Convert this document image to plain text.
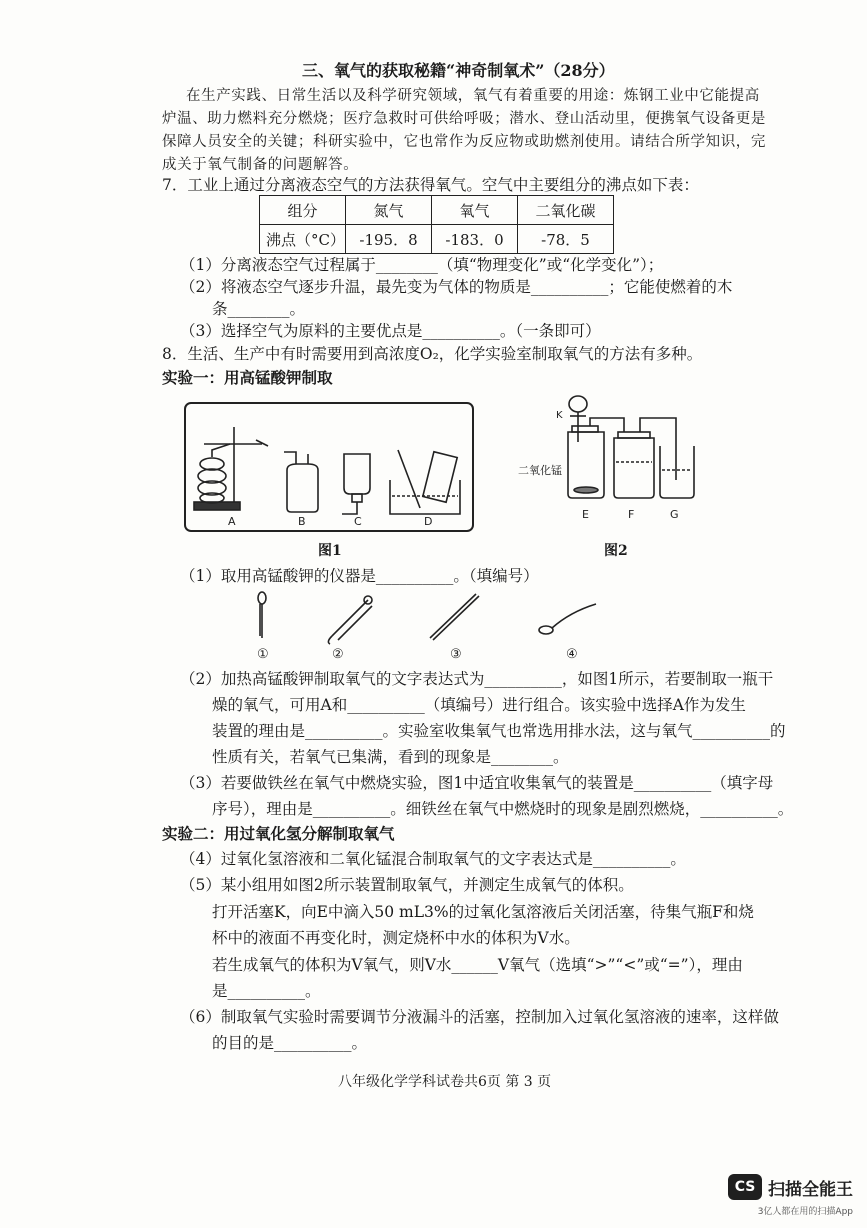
三、氧气的获取秘籍“神奇制氧术”（28分）
在生产实践、日常生活以及科学研究领域，氧气有着重要的用途：炼钢工业中它能提高
炉温、助力燃料充分燃烧；医疗急救时可供给呼吸；潜水、登山活动里，便携氧气设备更是
保障人员安全的关键；科研实验中，它也常作为反应物或助燃剂使用。请结合所学知识，完
成关于氧气制备的问题解答。
7．工业上通过分离液态空气的方法获得氧气。空气中主要组分的沸点如下表：
组分	氮气	氧气	二氧化碳
沸点（°C）	-195．8	-183．0	-78．5
（1）分离液态空气过程属于________（填“物理变化”或“化学变化”）；
（2）将液态空气逐步升温，最先变为气体的物质是__________；它能使燃着的木
条________。
（3）选择空气为原料的主要优点是__________。（一条即可）
8．生活、生产中有时需要用到高浓度O₂，化学实验室制取氧气的方法有多种。
实验一：用高锰酸钾制取
A	B	C	D
图1
K
E	F	G
二氧化锰
图2
（1）取用高锰酸钾的仪器是__________。（填编号）
①	②	③	④
（2）加热高锰酸钾制取氧气的文字表达式为__________，如图1所示，若要制取一瓶干
燥的氧气，可用A和__________（填编号）进行组合。该实验中选择A作为发生
装置的理由是__________。实验室收集氧气也常选用排水法，这与氧气__________的
性质有关，若氧气已集满，看到的现象是________。
（3）若要做铁丝在氧气中燃烧实验，图1中适宜收集氧气的装置是__________（填字母
序号），理由是__________。细铁丝在氧气中燃烧时的现象是剧烈燃烧，__________。
实验二：用过氧化氢分解制取氧气
（4）过氧化氢溶液和二氧化锰混合制取氧气的文字表达式是__________。
（5）某小组用如图2所示装置制取氧气，并测定生成氧气的体积。
打开活塞K，向E中滴入50 mL3%的过氧化氢溶液后关闭活塞，待集气瓶F和烧
杯中的液面不再变化时，测定烧杯中水的体积为V水。
若生成氧气的体积为V氧气，则V水______V氧气（选填“>”“<”或“=”），理由
是__________。
（6）制取氧气实验时需要调节分液漏斗的活塞，控制加入过氧化氢溶液的速率，这样做
的目的是__________。
八年级化学学科试卷共6页 第 3 页
CS 扫描全能王
3亿人都在用的扫描App
